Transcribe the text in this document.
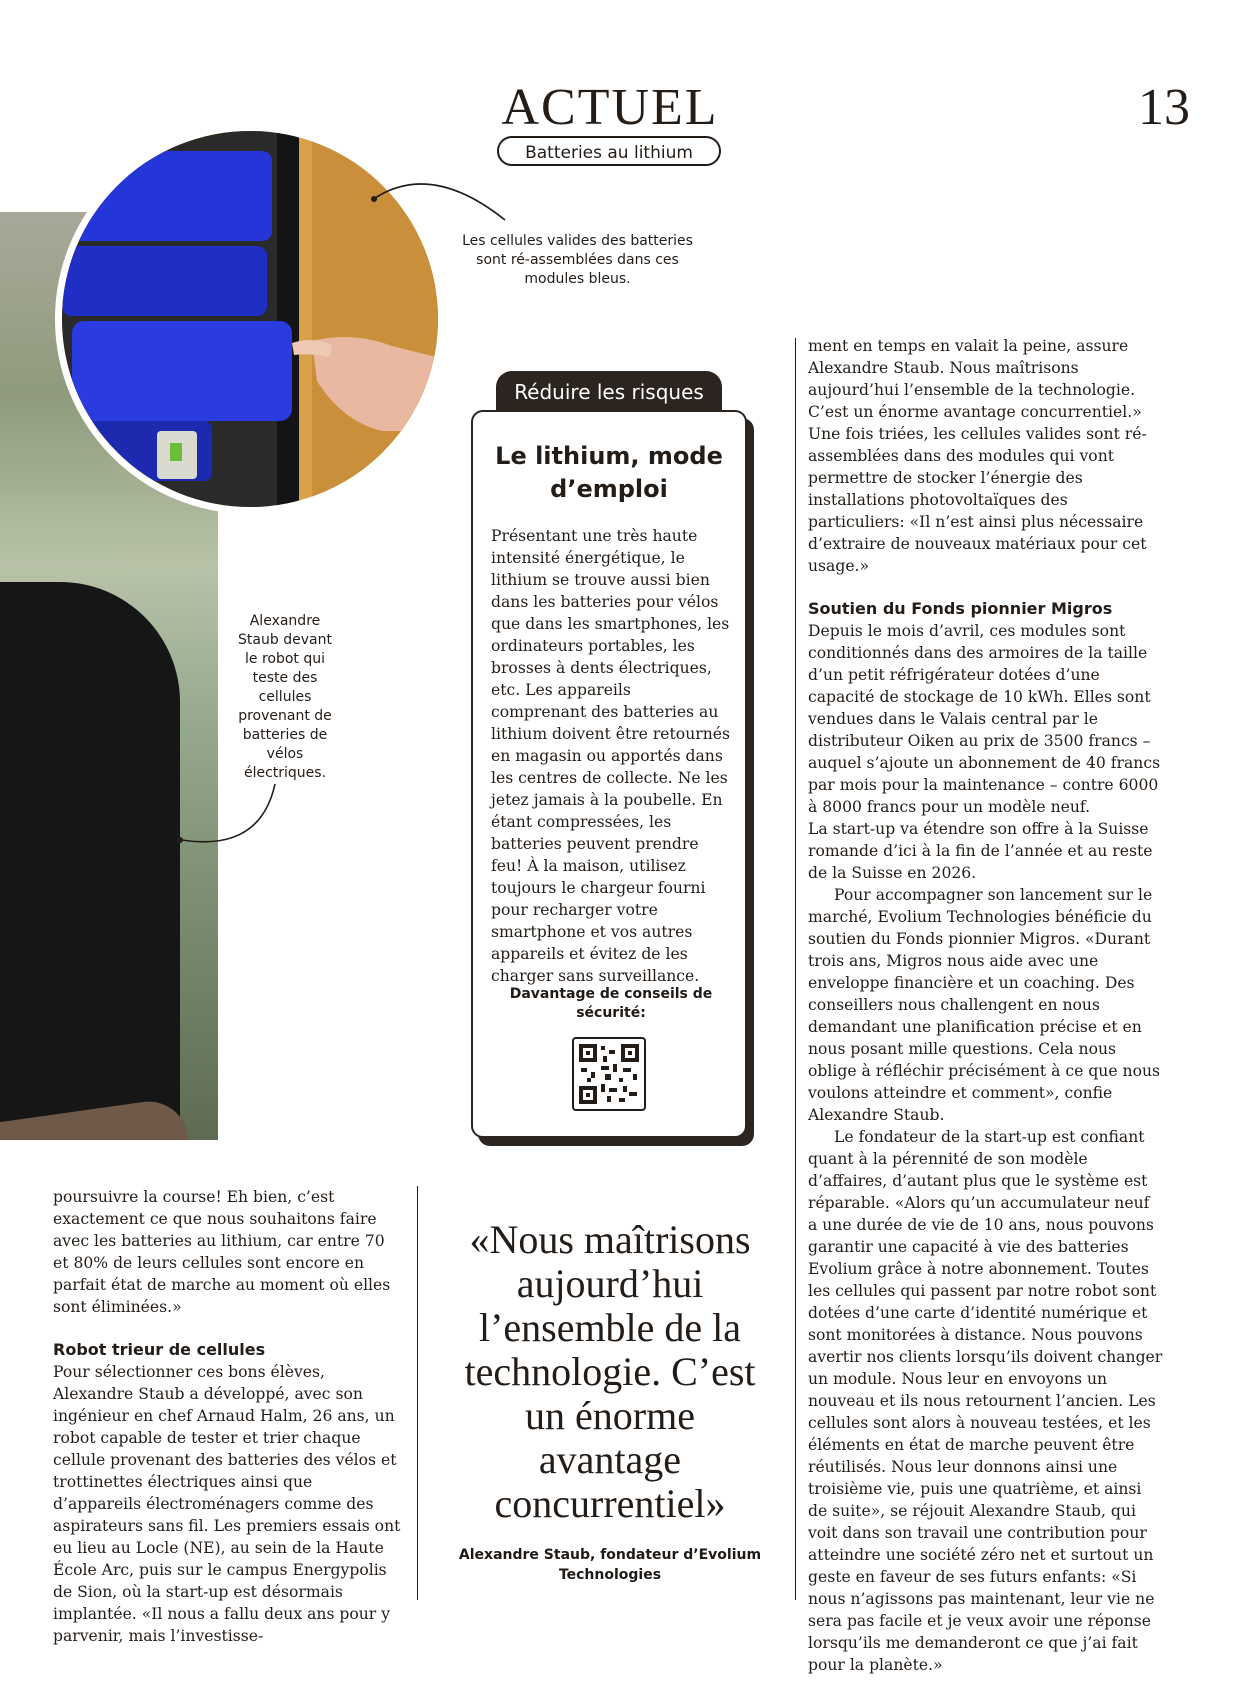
ACTUEL
Batteries au lithium
13
Les cellules valides des batteries sont ré-assemblées dans ces modules bleus.
Alexandre Staub devant le robot qui teste des cellules provenant de batteries de vélos électriques.
Réduire les risques
Le lithium, mode d’emploi
Présentant une très haute intensité énergétique, le lithium se trouve aussi bien dans les batteries pour vélos que dans les smartphones, les ordinateurs portables, les brosses à dents électriques, etc. Les appareils comprenant des batteries au lithium doivent être retournés en magasin ou apportés dans les centres de collecte. Ne les jetez jamais à la poubelle. En étant compressées, les batteries peuvent prendre feu! À la maison, utilisez toujours le chargeur fourni pour recharger votre smartphone et vos autres appareils et évitez de les charger sans surveillance.
Davantage de conseils de sécurité:

poursuivre la course! Eh bien, c’est exactement ce que nous souhaitons faire avec les batteries au lithium, car entre 70 et 80% de leurs cellules sont encore en parfait état de marche au moment où elles sont éliminées.»

Robot trieur de cellules

Pour sélectionner ces bons élèves, Alexandre Staub a développé, avec son ingénieur en chef Arnaud Halm, 26 ans, un robot capable de tester et trier chaque cellule provenant des batteries des vélos et trottinettes électriques ainsi que d’appareils électroménagers comme des aspirateurs sans fil. Les premiers essais ont eu lieu au Locle (NE), au sein de la Haute École Arc, puis sur le campus Energypolis de Sion, où la start-up est désormais implantée. «Il nous a fallu deux ans pour y parvenir, mais l’investisse-

«Nous maîtrisons aujourd’hui l’ensemble de la technologie. C’est un énorme avantage concurrentiel»
Alexandre Staub, fondateur d’Evolium Technologies

ment en temps en valait la peine, assure Alexandre Staub. Nous maîtrisons aujourd’hui l’ensemble de la technologie. C’est un énorme avantage concurrentiel.» Une fois triées, les cellules valides sont ré-assemblées dans des modules qui vont permettre de stocker l’énergie des installations photovoltaïques des particuliers: «Il n’est ainsi plus nécessaire d’extraire de nouveaux matériaux pour cet usage.»

Soutien du Fonds pionnier Migros

Depuis le mois d’avril, ces modules sont conditionnés dans des armoires de la taille d’un petit réfrigérateur dotées d’une capacité de stockage de 10 kWh. Elles sont vendues dans le Valais central par le distributeur Oiken au prix de 3500 francs – auquel s’ajoute un abonnement de 40 francs par mois pour la maintenance – contre 6000 à 8000 francs pour un modèle neuf.

La start-up va étendre son offre à la Suisse romande d’ici à la fin de l’année et au reste de la Suisse en 2026.

Pour accompagner son lancement sur le marché, Evolium Technologies bénéficie du soutien du Fonds pionnier Migros. «Durant trois ans, Migros nous aide avec une enveloppe financière et un coaching. Des conseillers nous challengent en nous demandant une planification précise et en nous posant mille questions. Cela nous oblige à réfléchir précisément à ce que nous voulons atteindre et comment», confie Alexandre Staub.

Le fondateur de la start-up est confiant quant à la pérennité de son modèle d’affaires, d’autant plus que le système est réparable. «Alors qu’un accumulateur neuf a une durée de vie de 10 ans, nous pouvons garantir une capacité à vie des batteries Evolium grâce à notre abonnement. Toutes les cellules qui passent par notre robot sont dotées d’une carte d’identité numérique et sont monitorées à distance. Nous pouvons avertir nos clients lorsqu’ils doivent changer un module. Nous leur en envoyons un nouveau et ils nous retournent l’ancien. Les cellules sont alors à nouveau testées, et les éléments en état de marche peuvent être réutilisés. Nous leur donnons ainsi une troisième vie, puis une quatrième, et ainsi de suite», se réjouit Alexandre Staub, qui voit dans son travail une contribution pour atteindre une société zéro net et surtout un geste en faveur de ses futurs enfants: «Si nous n’agissons pas maintenant, leur vie ne sera pas facile et je veux avoir une réponse lorsqu’ils me demanderont ce que j’ai fait pour la planète.»
